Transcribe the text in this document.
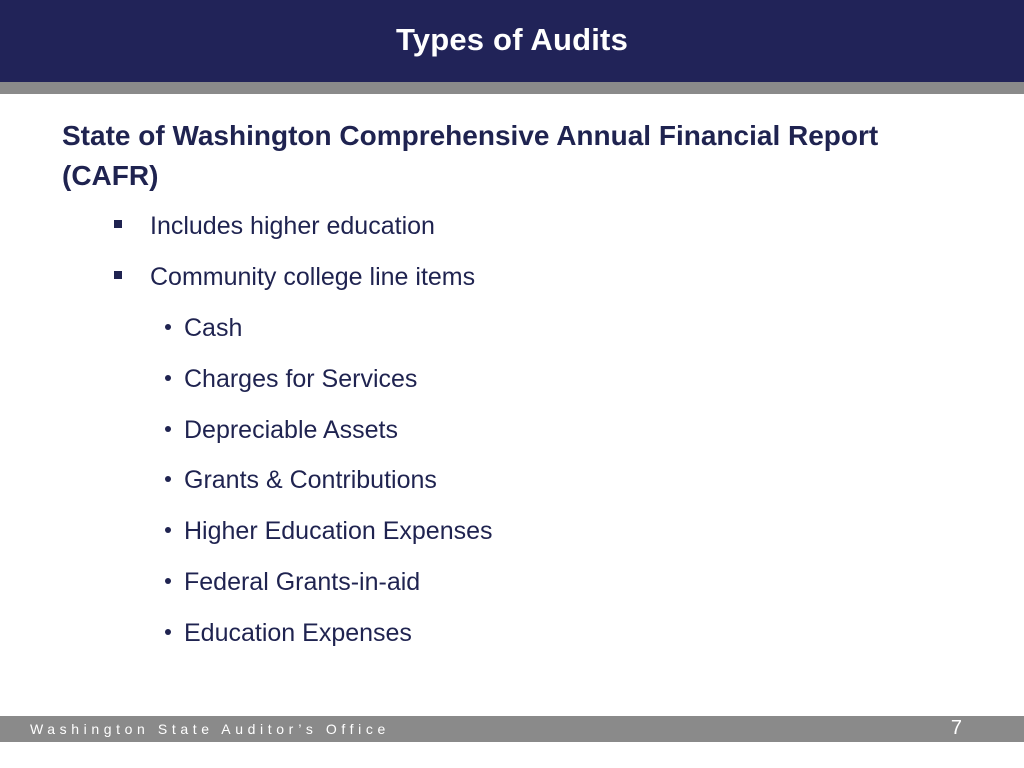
Types of Audits
State of Washington Comprehensive Annual Financial Report (CAFR)
Includes higher education
Community college line items
Cash
Charges for Services
Depreciable Assets
Grants & Contributions
Higher Education Expenses
Federal Grants-in-aid
Education Expenses
Washington State Auditor’s Office	7
